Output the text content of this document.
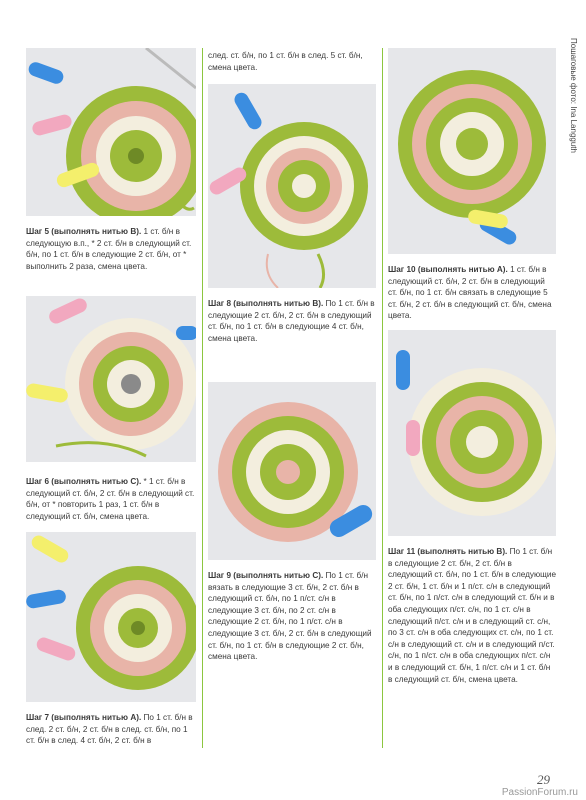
Шаг 5 (выполнять нитью В). 1 ст. б/н в следующую в.п., * 2 ст. б/н в следующий ст. б/н, по 1 ст. б/н в следующие 2 ст. б/н, от * выполнить 2 раза, смена цвета.
Шаг 6 (выполнять нитью С). * 1 ст. б/н в следующий ст. б/н, 2 ст. б/н в следующий ст. б/н, от * повторить 1 раз, 1 ст. б/н в следующий ст. б/н, смена цвета.
Шаг 7 (выполнять нитью А). По 1 ст. б/н в след. 2 ст. б/н, 2 ст. б/н в след. ст. б/н, по 1 ст. б/н в след. 4 ст. б/н, 2 ст. б/н в
след. ст. б/н, по 1 ст. б/н в след. 5 ст. б/н, смена цвета.
Шаг 8 (выполнять нитью В). По 1 ст. б/н в следующие 2 ст. б/н, 2 ст. б/н в следующий ст. б/н, по 1 ст. б/н в следующие 4 ст. б/н, смена цвета.
Шаг 9 (выполнять нитью С). По 1 ст. б/н вязать в следующие 3 ст. б/н, 2 ст. б/н в следующий ст. б/н, по 1 п/ст. с/н в следующие 3 ст. б/н, по 2 ст. с/н в следующие 2 ст. б/н, по 1 п/ст. с/н в следующие 3 ст. б/н, 2 ст. б/н в следующий ст. б/н, по 1 ст. б/н в следующие 2 ст. б/н, смена цвета.
Шаг 10 (выполнять нитью А). 1 ст. б/н в следующий ст. б/н, 2 ст. б/н в следующий ст. б/н, по 1 ст. б/н связать в следующие 5 ст. б/н, 2 ст. б/н в следующий ст. б/н, смена цвета.
Шаг 11 (выполнять нитью В). По 1 ст. б/н в следующие 2 ст. б/н, 2 ст. б/н в следующий ст. б/н, по 1 ст. б/н в следующие 2 ст. б/н, 1 ст. б/н и 1 п/ст. с/н в следующий ст. б/н, по 1 п/ст. с/н в следующий ст. б/н и в оба следующих п/ст. с/н, по 1 ст. с/н в следующий п/ст. с/н и в следующий ст. с/н, по 3 ст. с/н в оба следующих ст. с/н, по 1 ст. с/н в следующий ст. с/н и в следующий п/ст. с/н, по 1 п/ст. с/н в оба следующих п/ст. с/н и в следующий ст. б/н, 1 п/ст. с/н и 1 ст. б/н в следующий ст. б/н, смена цвета.
Пошаговые фото: Ina Langguth
29
PassionForum.ru
